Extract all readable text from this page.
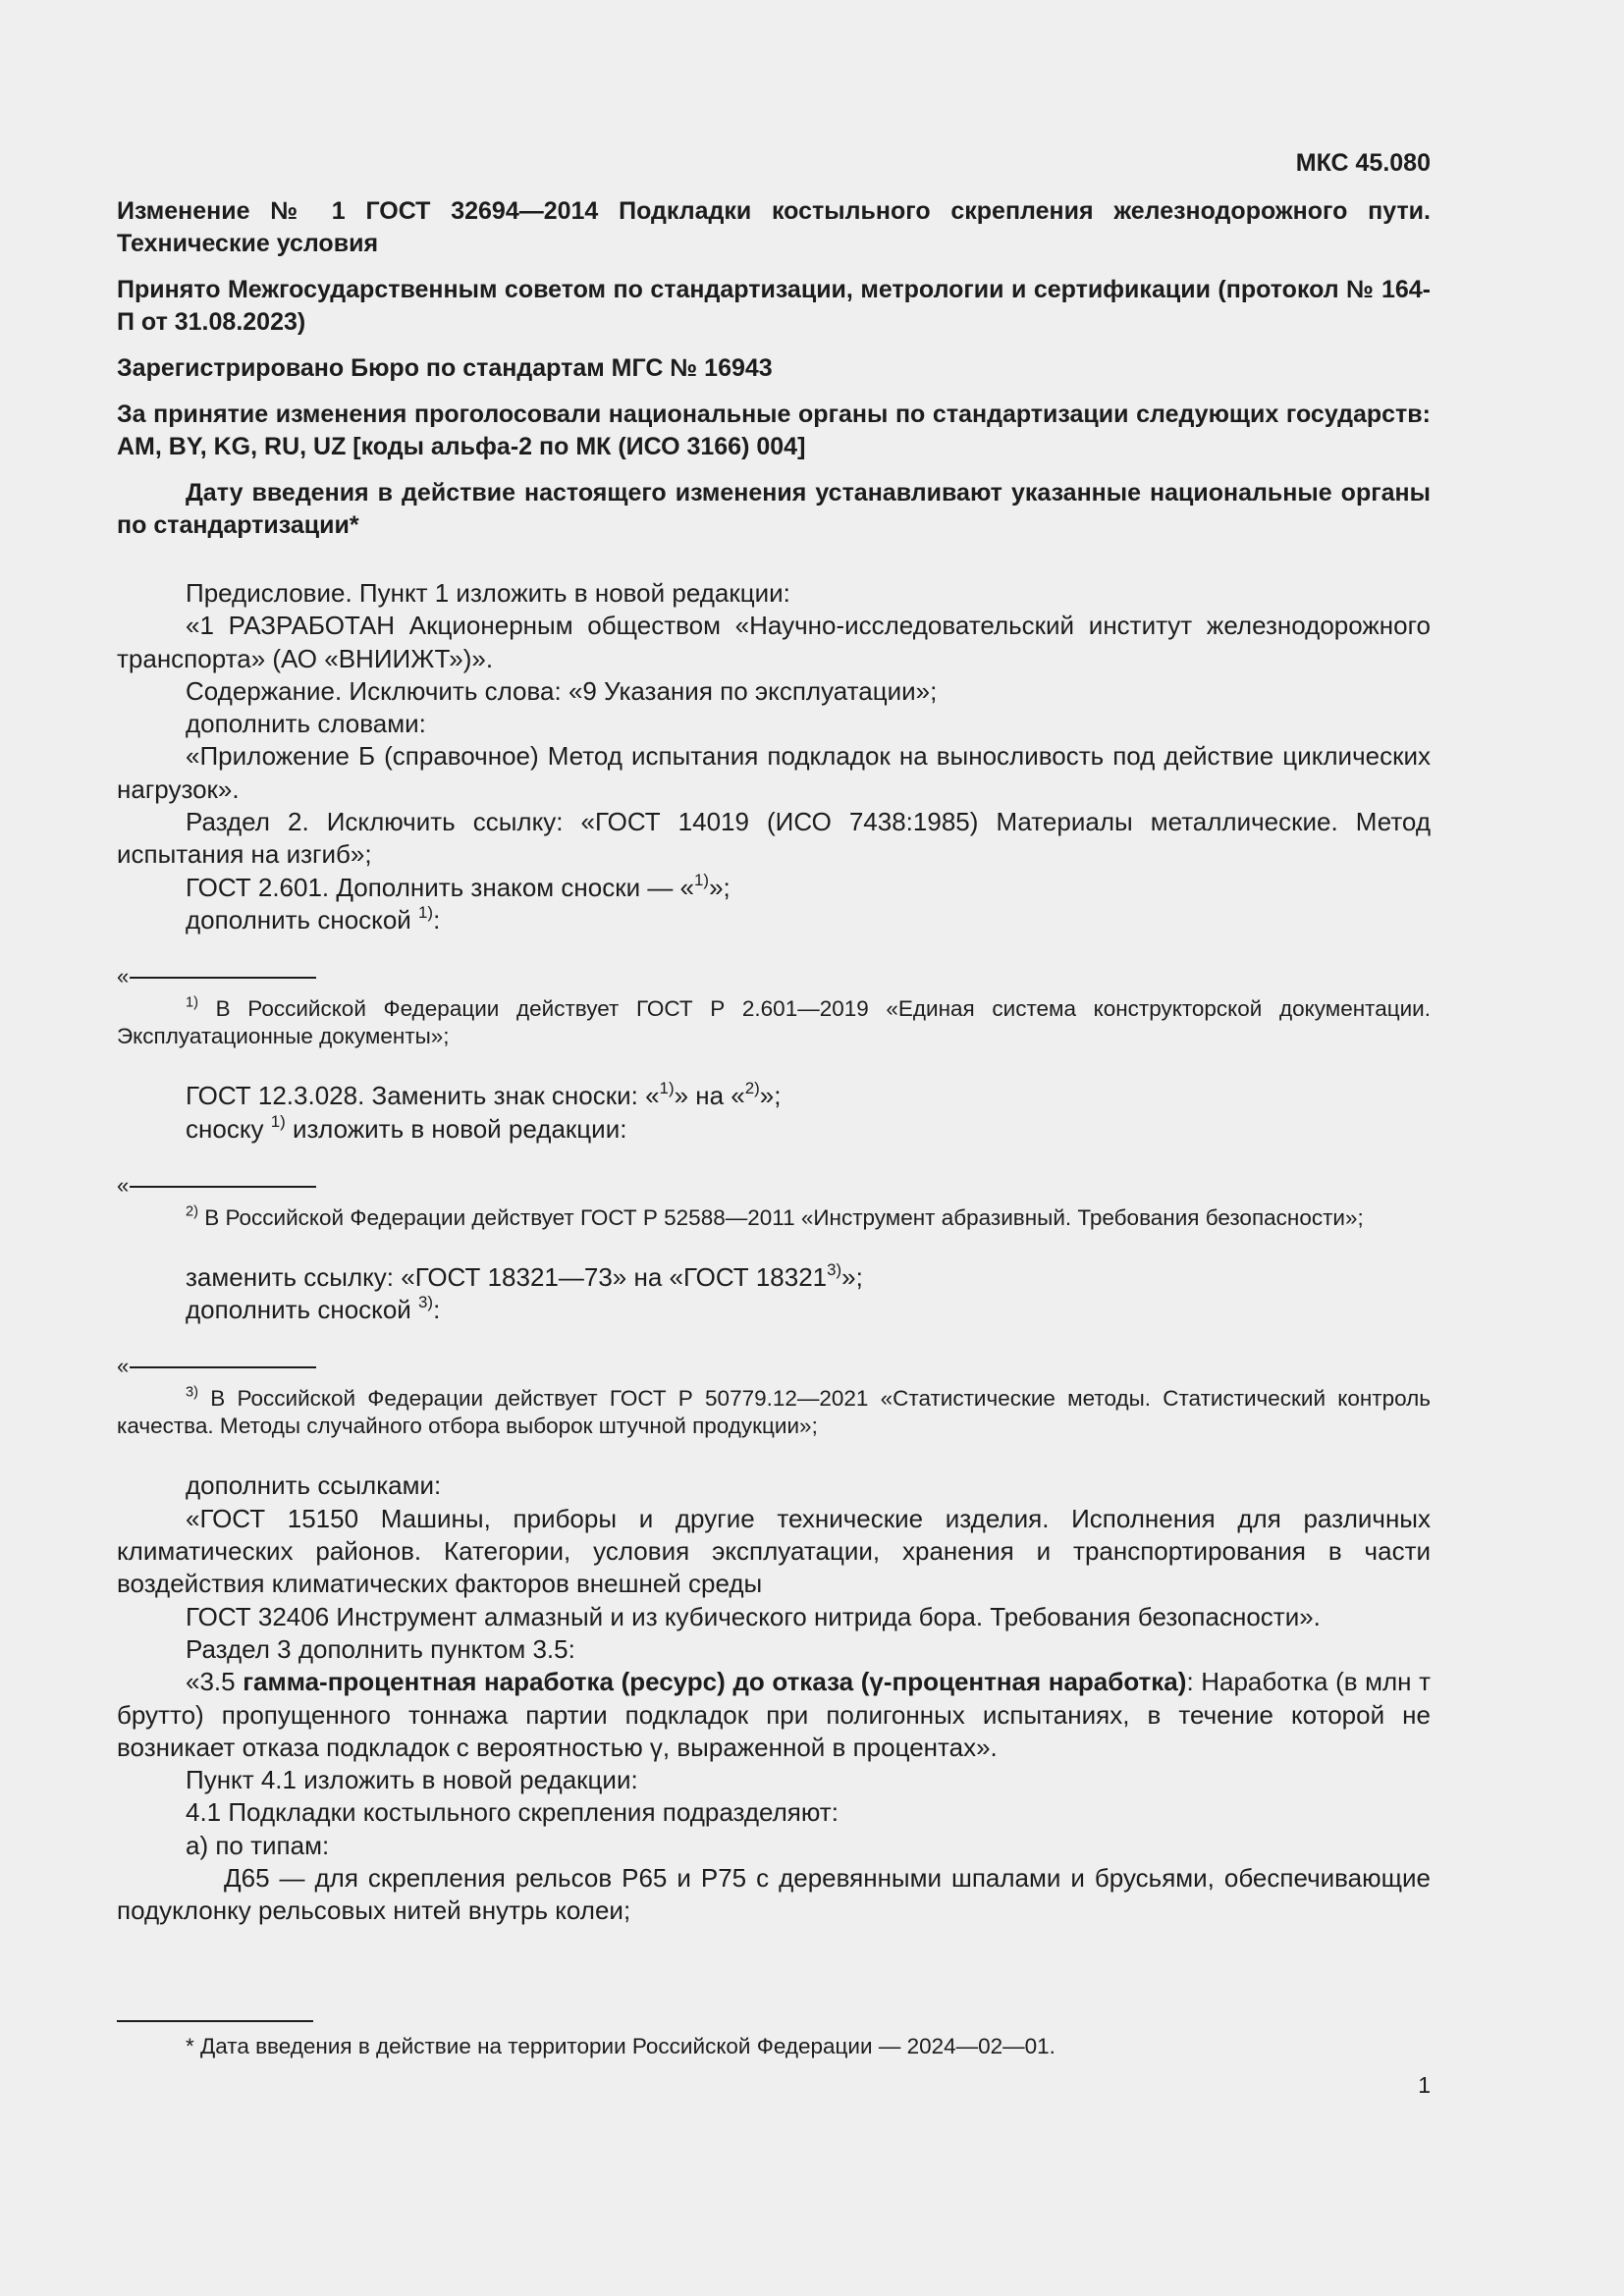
МКС 45.080

Изменение № 1 ГОСТ 32694—2014 Подкладки костыльного скрепления железнодорожного пути. Технические условия

Принято Межгосударственным советом по стандартизации, метрологии и сертификации (протокол № 164-П от 31.08.2023)

Зарегистрировано Бюро по стандартам МГС № 16943

За принятие изменения проголосовали национальные органы по стандартизации следующих государств: AM, BY, KG, RU, UZ [коды альфа-2 по МК (ИСО 3166) 004]

Дату введения в действие настоящего изменения устанавливают указанные национальные органы по стандартизации*

Предисловие. Пункт 1 изложить в новой редакции:

«1 РАЗРАБОТАН Акционерным обществом «Научно-исследовательский институт железнодорожного транспорта» (АО «ВНИИЖТ»)».

Содержание. Исключить слова: «9 Указания по эксплуатации»;

дополнить словами:

«Приложение Б (справочное) Метод испытания подкладок на выносливость под действие циклических нагрузок».

Раздел 2. Исключить ссылку: «ГОСТ 14019 (ИСО 7438:1985) Материалы металлические. Метод испытания на изгиб»;

ГОСТ 2.601. Дополнить знаком сноски — «$^{1)}$»;

дополнить сноской $^{1)}$:

«

$^{1)}$ В Российской Федерации действует ГОСТ Р 2.601—2019 «Единая система конструкторской документации. Эксплуатационные документы»;

ГОСТ 12.3.028. Заменить знак сноски: «$^{1)}$» на «$^{2)}$»;

сноску $^{1)}$ изложить в новой редакции:

«

$^{2)}$ В Российской Федерации действует ГОСТ Р 52588—2011 «Инструмент абразивный. Требования безопасности»;

заменить ссылку: «ГОСТ 18321—73» на «ГОСТ 18321$^{3)}$»;

дополнить сноской $^{3)}$:

«

$^{3)}$ В Российской Федерации действует ГОСТ Р 50779.12—2021 «Статистические методы. Статистический контроль качества. Методы случайного отбора выборок штучной продукции»;

дополнить ссылками:

«ГОСТ 15150 Машины, приборы и другие технические изделия. Исполнения для различных климатических районов. Категории, условия эксплуатации, хранения и транспортирования в части воздействия климатических факторов внешней среды

ГОСТ 32406 Инструмент алмазный и из кубического нитрида бора. Требования безопасности».

Раздел 3 дополнить пунктом 3.5:

«3.5 гамма-процентная наработка (ресурс) до отказа (γ-процентная наработка): Наработка (в млн т брутто) пропущенного тоннажа партии подкладок при полигонных испытаниях, в течение которой не возникает отказа подкладок с вероятностью γ, выраженной в процентах».

Пункт 4.1 изложить в новой редакции:

4.1 Подкладки костыльного скрепления подразделяют:

а) по типам:

Д65 — для скрепления рельсов Р65 и Р75 с деревянными шпалами и брусьями, обеспечивающие подуклонку рельсовых нитей внутрь колеи;

* Дата введения в действие на территории Российской Федерации — 2024—02—01.
1
